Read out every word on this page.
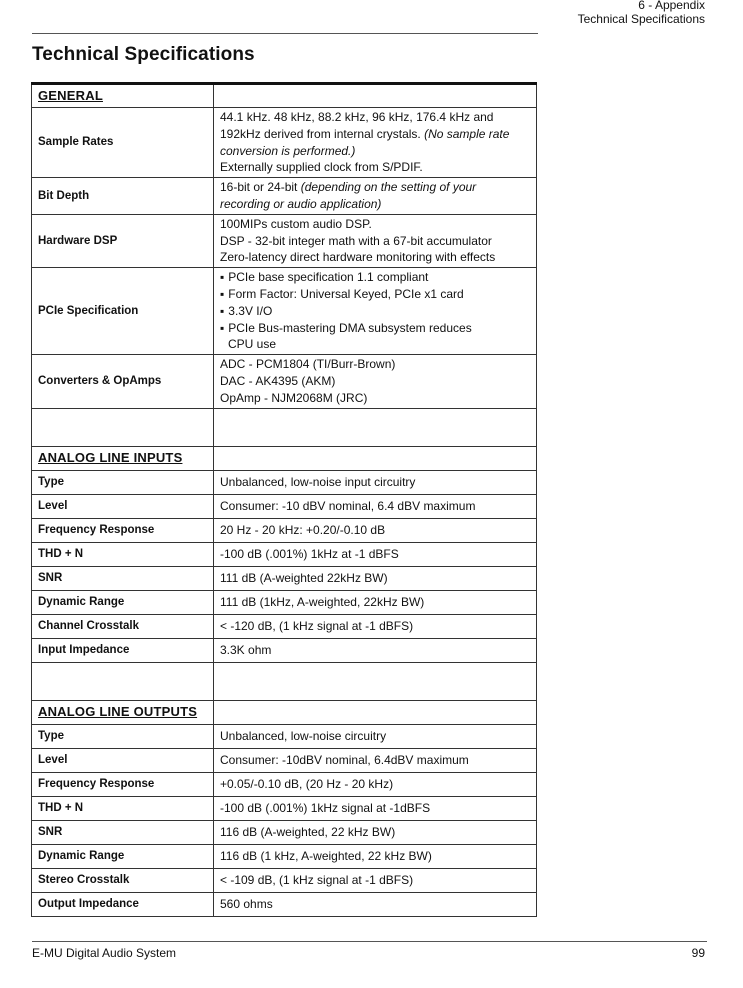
6 - Appendix
Technical Specifications
Technical Specifications
GENERAL	
Sample Rates	44.1 kHz. 48 kHz, 88.2 kHz, 96 kHz, 176.4 kHz and
192kHz derived from internal crystals. (No sample rate
conversion is performed.)
Externally supplied clock from S/PDIF.

Bit Depth	16-bit or 24-bit (depending on the setting of your
recording or audio application)

Hardware DSP	100MIPs custom audio DSP.
DSP - 32-bit integer math with a 67-bit accumulator
Zero-latency direct hardware monitoring with effects

PCIe Specification	▪ PCIe base specification 1.1 compliant
▪ Form Factor: Universal Keyed, PCIe x1 card
▪ 3.3V I/O
▪ PCIe Bus-mastering DMA subsystem reduces
CPU use

Converters & OpAmps	ADC - PCM1804 (TI/Burr-Brown)
DAC - AK4395 (AKM)
OpAmp - NJM2068M (JRC)

ANALOG LINE INPUTS	
Type	Unbalanced, low-noise input circuitry

Level	Consumer: -10 dBV nominal, 6.4 dBV maximum

Frequency Response	20 Hz - 20 kHz: +0.20/-0.10 dB

THD + N	-100 dB (.001%) 1kHz at -1 dBFS

SNR	111 dB (A-weighted 22kHz BW)

Dynamic Range	111 dB (1kHz, A-weighted, 22kHz BW)

Channel Crosstalk	< -120 dB, (1 kHz signal at -1 dBFS)

Input Impedance	3.3K ohm

ANALOG LINE OUTPUTS	
Type	Unbalanced, low-noise circuitry

Level	Consumer: -10dBV nominal, 6.4dBV maximum

Frequency Response	+0.05/-0.10 dB, (20 Hz - 20 kHz)

THD + N	-100 dB (.001%) 1kHz signal at -1dBFS

SNR	116 dB (A-weighted, 22 kHz BW)

Dynamic Range	116 dB (1 kHz, A-weighted, 22 kHz BW)

Stereo Crosstalk	< -109 dB, (1 kHz signal at -1 dBFS)

Output Impedance	560 ohms
E-MU Digital Audio System	99
